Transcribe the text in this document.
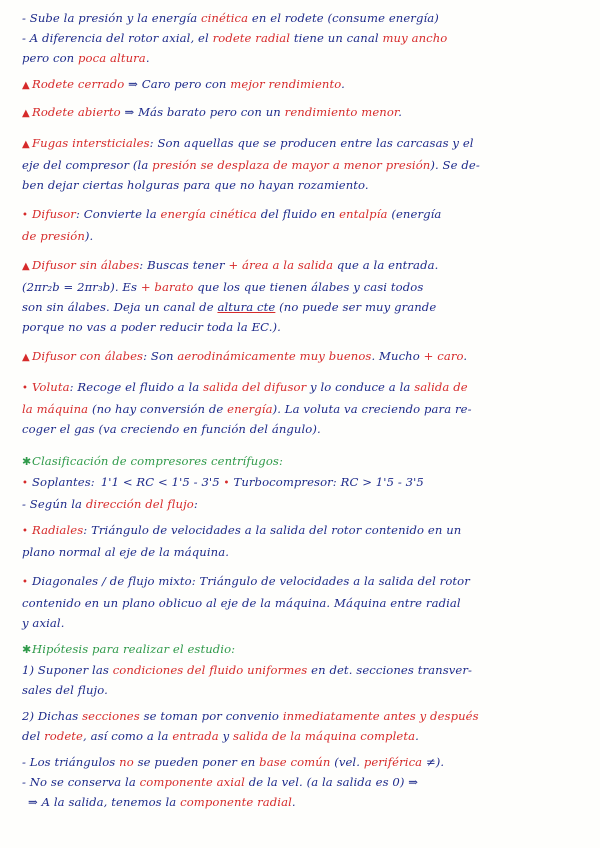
- Sube la presión y la energía cinética en el rodete (consume energía)

- A diferencia del rotor axial, el rodete radial tiene un canal muy ancho

pero con poca altura.

▲ Rodete cerrado ⇒ Caro pero con mejor rendimiento.

▲ Rodete abierto ⇒ Más barato pero con un rendimiento menor.

▲ Fugas intersticiales: Son aquellas que se producen entre las carcasas y el

eje del compresor (la presión se desplaza de mayor a menor presión). Se de-

ben dejar ciertas holguras para que no hayan rozamiento.

• Difusor: Convierte la energía cinética del fluido en entalpía (energía

de presión).

▲ Difusor sin álabes: Buscas tener + área a la salida que a la entrada.

(2πr₂b = 2πr₃b). Es + barato que los que tienen álabes y casi todos

son sin álabes. Deja un canal de altura cte (no puede ser muy grande

porque no vas a poder reducir toda la EC.).

▲ Difusor con álabes: Son aerodinámicamente muy buenos. Mucho + caro.

• Voluta: Recoge el fluido a la salida del difusor y lo conduce a la salida de

la máquina (no hay conversión de energía). La voluta va creciendo para re-

coger el gas (va creciendo en función del ángulo).

✱Clasificación de compresores centrífugos:

• Soplantes: 1'1 < RC < 1'5 - 3'5 • Turbocompresor: RC > 1'5 - 3'5

- Según la dirección del flujo:

• Radiales: Triángulo de velocidades a la salida del rotor contenido en un

plano normal al eje de la máquina.

• Diagonales / de flujo mixto: Triángulo de velocidades a la salida del rotor

contenido en un plano oblicuo al eje de la máquina. Máquina entre radial

y axial.

✱Hipótesis para realizar el estudio:

1) Suponer las condiciones del fluido uniformes en det. secciones transver-

sales del flujo.

2) Dichas secciones se toman por convenio inmediatamente antes y después

del rodete, así como a la entrada y salida de la máquina completa.

- Los triángulos no se pueden poner en base común (vel. periférica ≠).

- No se conserva la componente axial de la vel. (a la salida es 0) ⇒

⇒ A la salida, tenemos la componente radial.
